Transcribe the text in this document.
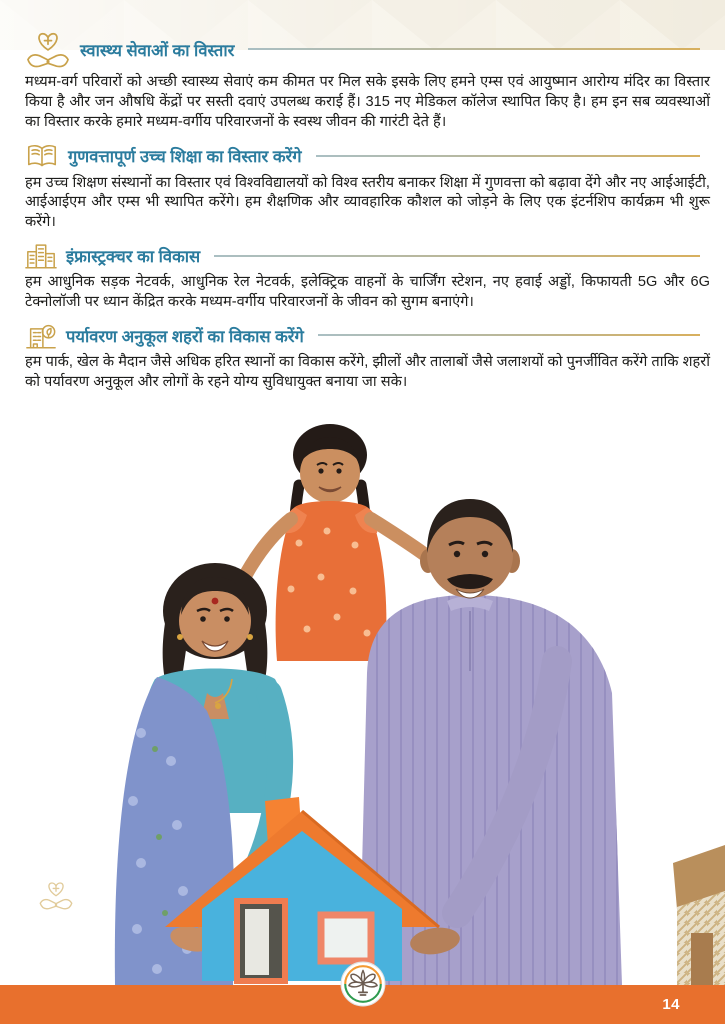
स्वास्थ्य सेवाओं का विस्तार

मध्यम-वर्ग परिवारों को अच्छी स्वास्थ्य सेवाएं कम कीमत पर मिल सके इसके लिए हमने एम्स एवं आयुष्मान आरोग्य मंदिर का विस्तार किया है और जन औषधि केंद्रों पर सस्ती दवाएं उपलब्ध कराई हैं। 315 नए मेडिकल कॉलेज स्थापित किए है। हम इन सब व्यवस्थाओं का विस्तार करके हमारे मध्यम-वर्गीय परिवारजनों के स्वस्थ जीवन की गारंटी देते हैं।

गुणवत्तापूर्ण उच्च शिक्षा का विस्तार करेंगे

हम उच्च शिक्षण संस्थानों का विस्तार एवं विश्वविद्यालयों को विश्व स्तरीय बनाकर शिक्षा में गुणवत्ता को बढ़ावा देंगे और नए आईआईटी, आईआईएम और एम्स भी स्थापित करेंगे। हम शैक्षणिक और व्यावहारिक कौशल को जोड़ने के लिए एक इंटर्नशिप कार्यक्रम भी शुरू करेंगे।

इंफ्रास्ट्रक्चर का विकास

हम आधुनिक सड़क नेटवर्क, आधुनिक रेल नेटवर्क, इलेक्ट्रिक वाहनों के चार्जिंग स्टेशन, नए हवाई अड्डों, किफायती 5G और 6G टेक्नोलॉजी पर ध्यान केंद्रित करके मध्यम-वर्गीय परिवारजनों के जीवन को सुगम बनाएंगे।

पर्यावरण अनुकूल शहरों का विकास करेंगे

हम पार्क, खेल के मैदान जैसे अधिक हरित स्थानों का विकास करेंगे, झीलों और तालाबों जैसे जलाशयों को पुनर्जीवित करेंगे ताकि शहरों को पर्यावरण अनुकूल और लोगों के रहने योग्य सुविधायुक्त बनाया जा सके।

14
